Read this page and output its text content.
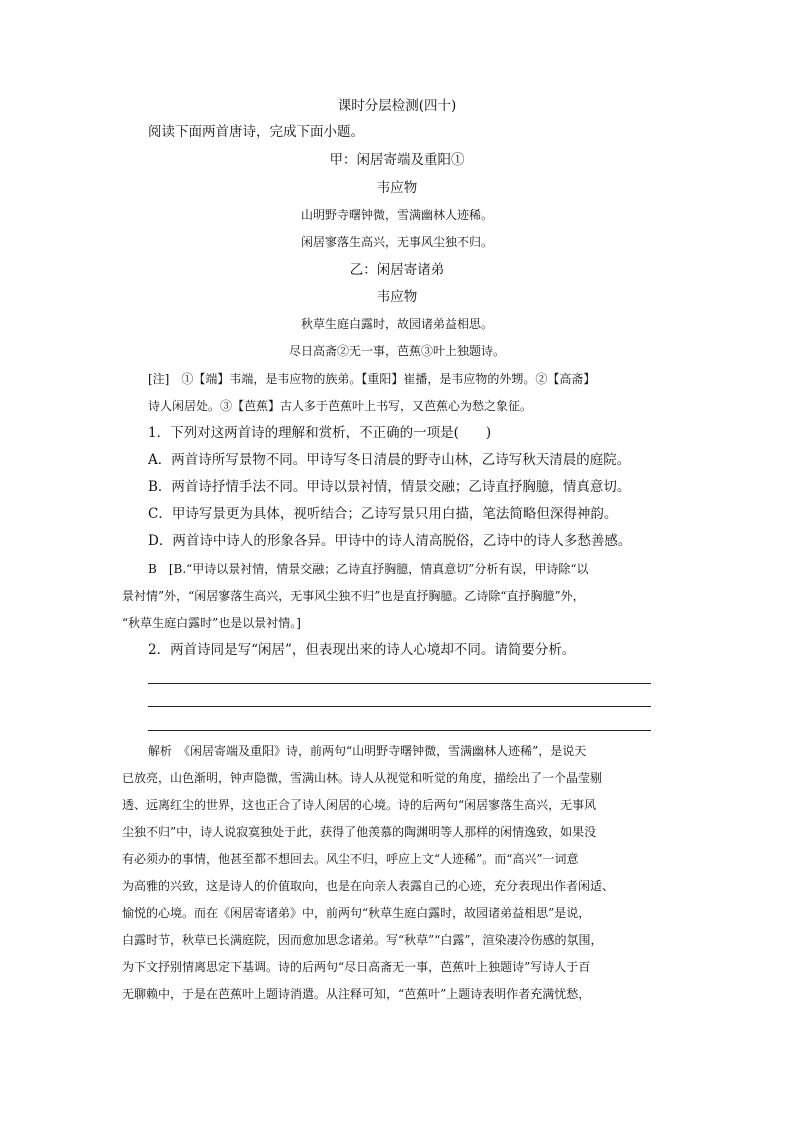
课时分层检测(四十)
阅读下面两首唐诗，完成下面小题。
甲：闲居寄端及重阳①
韦应物
山明野寺曙钟微，雪满幽林人迹稀。
闲居寥落生高兴，无事风尘独不归。
乙：闲居寄诸弟
韦应物
秋草生庭白露时，故园诸弟益相思。
尽日高斋②无一事，芭蕉③叶上独题诗。
[注]　①【端】韦端，是韦应物的族弟。【重阳】崔播，是韦应物的外甥。②【高斋】
诗人闲居处。③【芭蕉】古人多于芭蕉叶上书写，又芭蕉心为愁之象征。
1．下列对这两首诗的理解和赏析，不正确的一项是(　　)
A．两首诗所写景物不同。甲诗写冬日清晨的野寺山林，乙诗写秋天清晨的庭院。
B．两首诗抒情手法不同。甲诗以景衬情，情景交融；乙诗直抒胸臆，情真意切。
C．甲诗写景更为具体，视听结合；乙诗写景只用白描，笔法简略但深得神韵。
D．两首诗中诗人的形象各异。甲诗中的诗人清高脱俗，乙诗中的诗人多愁善感。
B　[B.“甲诗以景衬情，情景交融；乙诗直抒胸臆，情真意切”分析有误，甲诗除“以
景衬情”外，“闲居寥落生高兴，无事风尘独不归”也是直抒胸臆。乙诗除“直抒胸臆”外，
“秋草生庭白露时”也是以景衬情。]
2．两首诗同是写“闲居”，但表现出来的诗人心境却不同。请简要分析。
解析　《闲居寄端及重阳》诗，前两句“山明野寺曙钟微，雪满幽林人迹稀”，是说天
已放亮，山色渐明，钟声隐微，雪满山林。诗人从视觉和听觉的角度，描绘出了一个晶莹剔
透、远离红尘的世界，这也正合了诗人闲居的心境。诗的后两句“闲居寥落生高兴，无事风
尘独不归”中，诗人说寂寞独处于此，获得了他羡慕的陶渊明等人那样的闲情逸致，如果没
有必须办的事情，他甚至都不想回去。风尘不归，呼应上文“人迹稀”。而“高兴”一词意
为高雅的兴致，这是诗人的价值取向，也是在向亲人表露自己的心迹，充分表现出作者闲适、
愉悦的心境。而在《闲居寄诸弟》中，前两句“秋草生庭白露时，故园诸弟益相思”是说，
白露时节，秋草已长满庭院，因而愈加思念诸弟。写“秋草”“白露”，渲染凄冷伤感的氛围，
为下文抒别情离思定下基调。诗的后两句“尽日高斋无一事，芭蕉叶上独题诗”写诗人于百
无聊赖中，于是在芭蕉叶上题诗消遣。从注释可知，“芭蕉叶”上题诗表明作者充满忧愁，
